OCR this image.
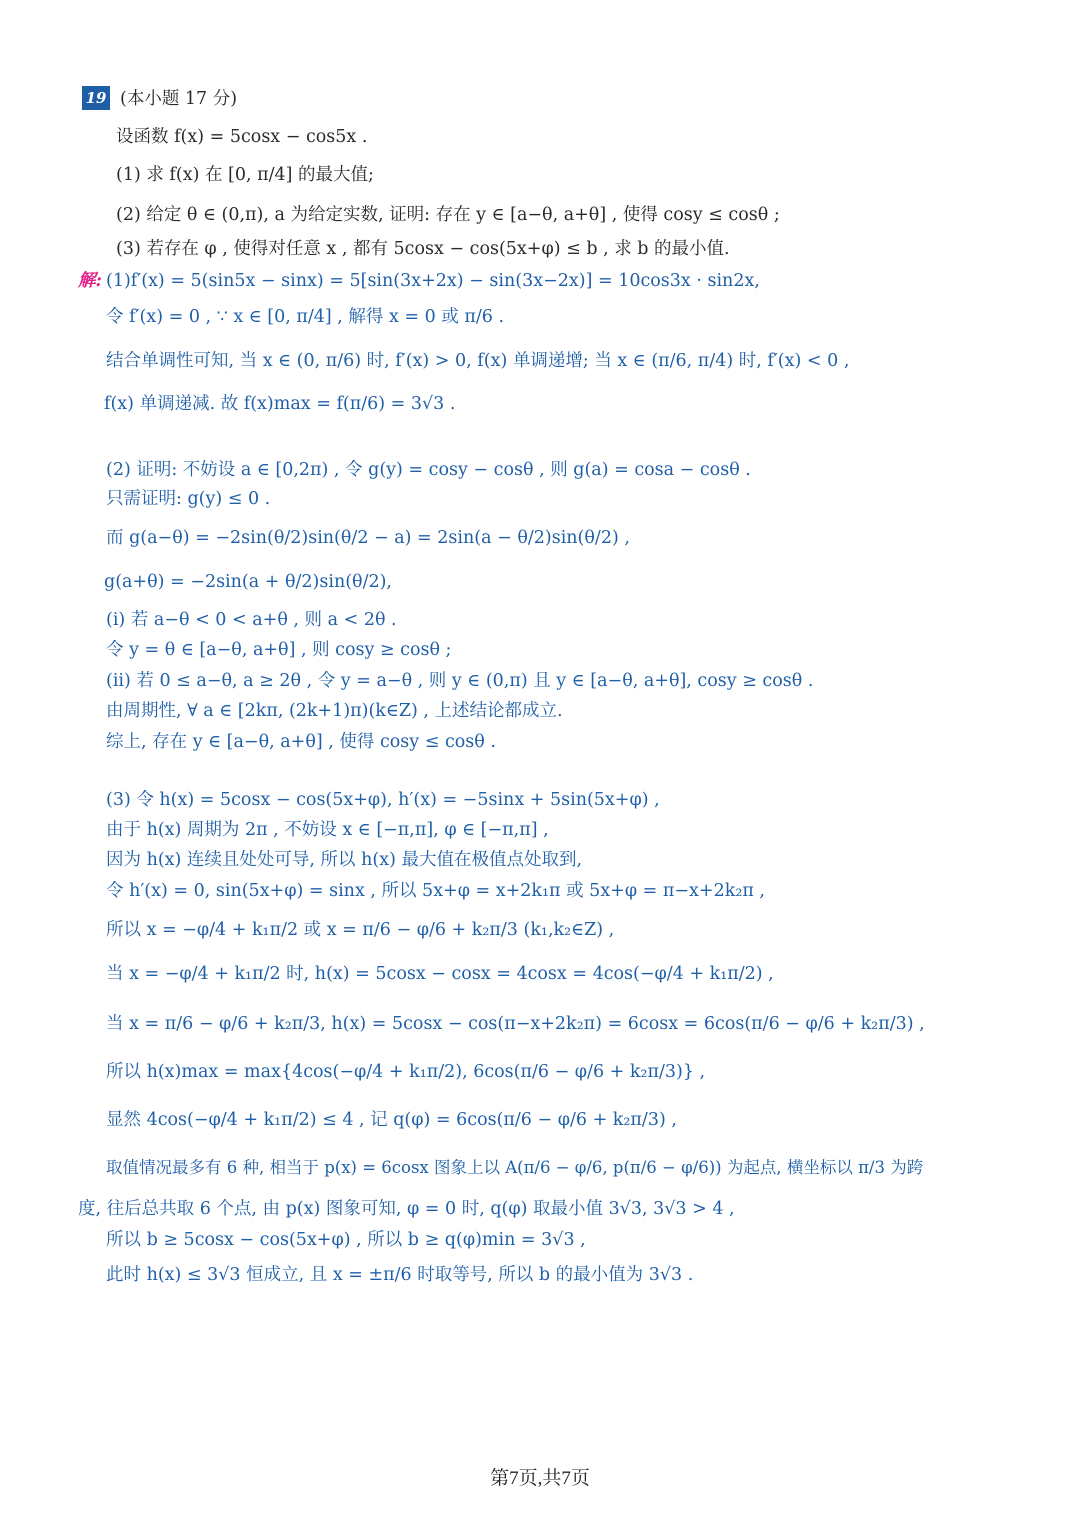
19 (本小题 17 分)
设函数 f(x) = 5cosx − cos5x .
(1) 求 f(x) 在 [0, π/4] 的最大值;
(2) 给定 θ ∈ (0,π), a 为给定实数, 证明: 存在 y ∈ [a−θ, a+θ] , 使得 cosy ≤ cosθ ;
(3) 若存在 φ , 使得对任意 x , 都有 5cosx − cos(5x+φ) ≤ b , 求 b 的最小值.
解: (1)f′(x) = 5(sin5x − sinx) = 5[sin(3x+2x) − sin(3x−2x)] = 10cos3x · sin2x,
令 f′(x) = 0 , ∵ x ∈ [0, π/4] , 解得 x = 0 或 π/6 .
结合单调性可知, 当 x ∈ (0, π/6) 时, f′(x) > 0, f(x) 单调递增; 当 x ∈ (π/6, π/4) 时, f′(x) < 0 ,
f(x) 单调递减. 故 f(x)max = f(π/6) = 3√3 .
(2) 证明: 不妨设 a ∈ [0,2π) , 令 g(y) = cosy − cosθ , 则 g(a) = cosa − cosθ .
只需证明: g(y) ≤ 0 .
而 g(a−θ) = −2sin(θ/2)sin(θ/2 − a) = 2sin(a − θ/2)sin(θ/2) ,
g(a+θ) = −2sin(a + θ/2)sin(θ/2),
(i) 若 a−θ < 0 < a+θ , 则 a < 2θ .
令 y = θ ∈ [a−θ, a+θ] , 则 cosy ≥ cosθ ;
(ii) 若 0 ≤ a−θ, a ≥ 2θ , 令 y = a−θ , 则 y ∈ (0,π) 且 y ∈ [a−θ, a+θ], cosy ≥ cosθ .
由周期性, ∀ a ∈ [2kπ, (2k+1)π)(k∈Z) , 上述结论都成立.
综上, 存在 y ∈ [a−θ, a+θ] , 使得 cosy ≤ cosθ .
(3) 令 h(x) = 5cosx − cos(5x+φ), h′(x) = −5sinx + 5sin(5x+φ) ,
由于 h(x) 周期为 2π , 不妨设 x ∈ [−π,π], φ ∈ [−π,π] ,
因为 h(x) 连续且处处可导, 所以 h(x) 最大值在极值点处取到,
令 h′(x) = 0, sin(5x+φ) = sinx , 所以 5x+φ = x+2k₁π 或 5x+φ = π−x+2k₂π ,
所以 x = −φ/4 + k₁π/2 或 x = π/6 − φ/6 + k₂π/3 (k₁,k₂∈Z) ,
当 x = −φ/4 + k₁π/2 时, h(x) = 5cosx − cosx = 4cosx = 4cos(−φ/4 + k₁π/2) ,
当 x = π/6 − φ/6 + k₂π/3, h(x) = 5cosx − cos(π−x+2k₂π) = 6cosx = 6cos(π/6 − φ/6 + k₂π/3) ,
所以 h(x)max = max{4cos(−φ/4 + k₁π/2), 6cos(π/6 − φ/6 + k₂π/3)} ,
显然 4cos(−φ/4 + k₁π/2) ≤ 4 , 记 q(φ) = 6cos(π/6 − φ/6 + k₂π/3) ,
取值情况最多有 6 种, 相当于 p(x) = 6cosx 图象上以 A(π/6 − φ/6, p(π/6 − φ/6)) 为起点, 横坐标以 π/3 为跨
度, 往后总共取 6 个点, 由 p(x) 图象可知, φ = 0 时, q(φ) 取最小值 3√3, 3√3 > 4 ,
所以 b ≥ 5cosx − cos(5x+φ) , 所以 b ≥ q(φ)min = 3√3 ,
此时 h(x) ≤ 3√3 恒成立, 且 x = ±π/6 时取等号, 所以 b 的最小值为 3√3 .
第7页,共7页
